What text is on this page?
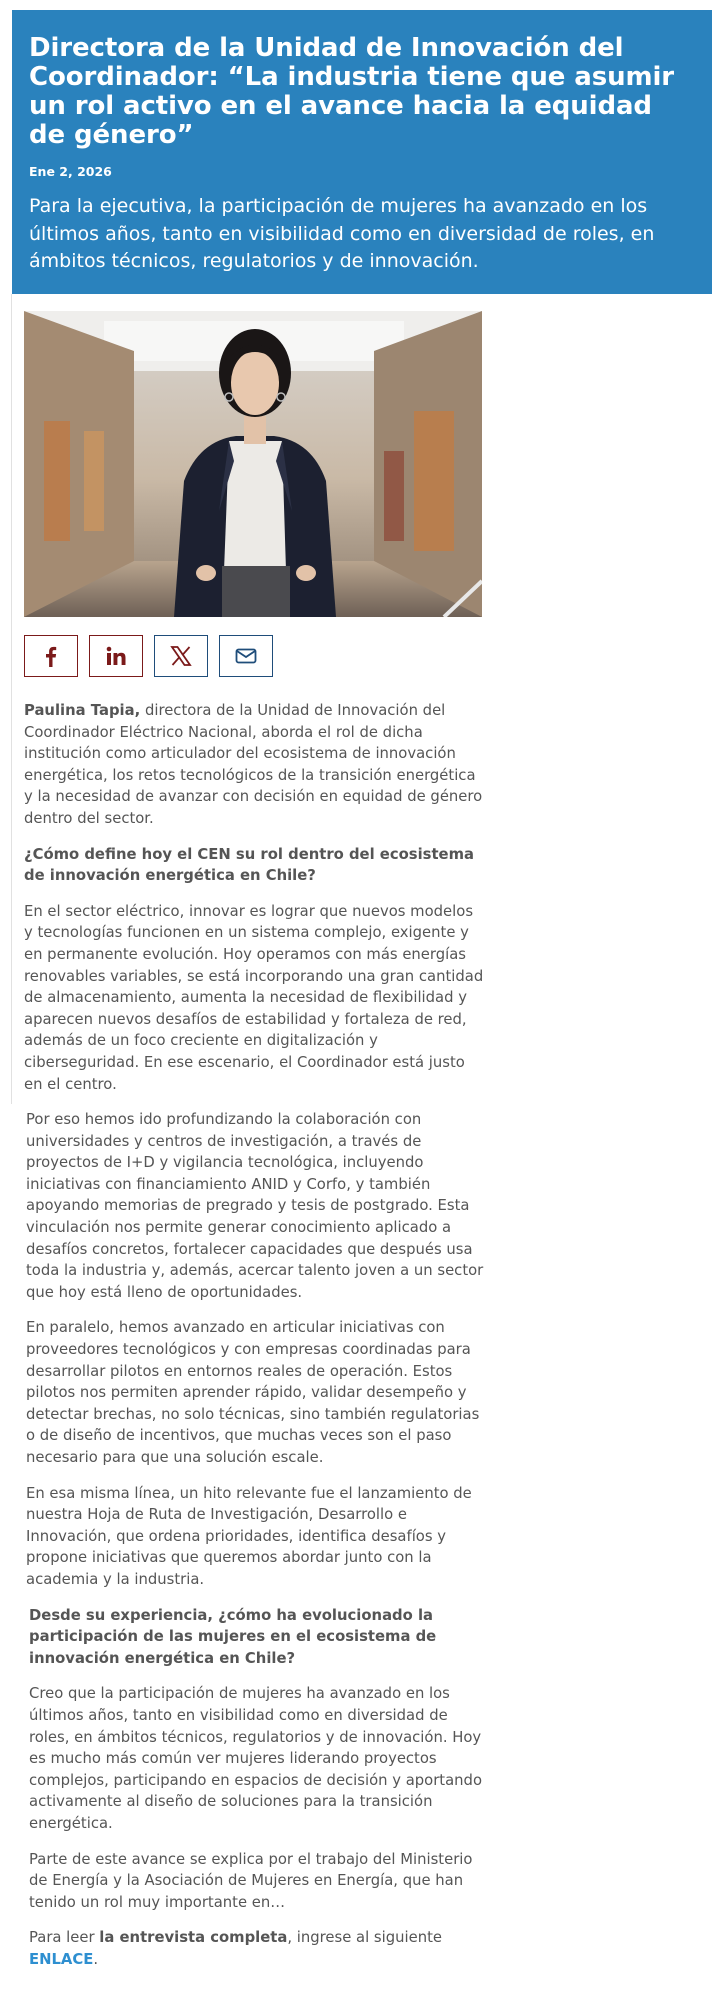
Directora de la Unidad de Innovación del Coordinador: “La industria tiene que asumir un rol activo en el avance hacia la equidad de género”
Ene 2, 2026
Para la ejecutiva, la participación de mujeres ha avanzado en los últimos años, tanto en visibilidad como en diversidad de roles, en ámbitos técnicos, regulatorios y de innovación.

Paulina Tapia, directora de la Unidad de Innovación del Coordinador Eléctrico Nacional, aborda el rol de dicha institución como articulador del ecosistema de innovación energética, los retos tecnológicos de la transición energética y la necesidad de avanzar con decisión en equidad de género dentro del sector.

¿Cómo define hoy el CEN su rol dentro del ecosistema de innovación energética en Chile?

En el sector eléctrico, innovar es lograr que nuevos modelos y tecnologías funcionen en un sistema complejo, exigente y en permanente evolución. Hoy operamos con más energías renovables variables, se está incorporando una gran cantidad de almacenamiento, aumenta la necesidad de flexibilidad y aparecen nuevos desafíos de estabilidad y fortaleza de red, además de un foco creciente en digitalización y ciberseguridad. En ese escenario, el Coordinador está justo en el centro.

Por eso hemos ido profundizando la colaboración con universidades y centros de investigación, a través de proyectos de I+D y vigilancia tecnológica, incluyendo iniciativas con financiamiento ANID y Corfo, y también apoyando memorias de pregrado y tesis de postgrado. Esta vinculación nos permite generar conocimiento aplicado a desafíos concretos, fortalecer capacidades que después usa toda la industria y, además, acercar talento joven a un sector que hoy está lleno de oportunidades.

En paralelo, hemos avanzado en articular iniciativas con proveedores tecnológicos y con empresas coordinadas para desarrollar pilotos en entornos reales de operación. Estos pilotos nos permiten aprender rápido, validar desempeño y detectar brechas, no solo técnicas, sino también regulatorias o de diseño de incentivos, que muchas veces son el paso necesario para que una solución escale.

En esa misma línea, un hito relevante fue el lanzamiento de nuestra Hoja de Ruta de Investigación, Desarrollo e Innovación, que ordena prioridades, identifica desafíos y propone iniciativas que queremos abordar junto con la academia y la industria.

Desde su experiencia, ¿cómo ha evolucionado la participación de las mujeres en el ecosistema de innovación energética en Chile?

Creo que la participación de mujeres ha avanzado en los últimos años, tanto en visibilidad como en diversidad de roles, en ámbitos técnicos, regulatorios y de innovación. Hoy es mucho más común ver mujeres liderando proyectos complejos, participando en espacios de decisión y aportando activamente al diseño de soluciones para la transición energética.

Parte de este avance se explica por el trabajo del Ministerio de Energía y la Asociación de Mujeres en Energía, que han tenido un rol muy importante en…

Para leer la entrevista completa, ingrese al siguiente ENLACE.
